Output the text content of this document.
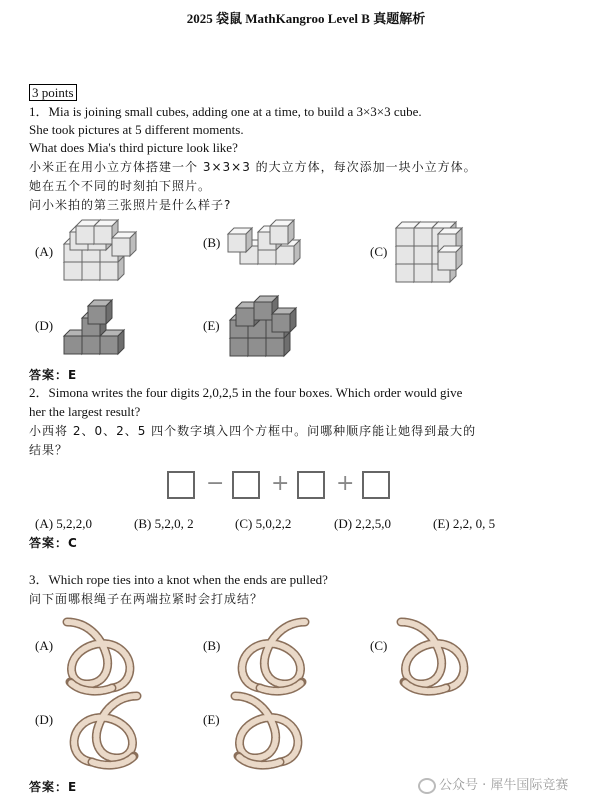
2025 袋鼠 MathKangroo Level B 真题解析
3 points
1．Mia is joining small cubes, adding one at a time, to build a 3×3×3 cube.
She took pictures at 5 different moments.
What does Mia's third picture look like?
小米正在用小立方体搭建一个 3×3×3 的大立方体，每次添加一块小立方体。
她在五个不同的时刻拍下照片。
问小米拍的第三张照片是什么样子?
(A)
(B)
(C)
(D)	(E)
答案：E
2．Simona writes the four digits 2,0,2,5 in the four boxes. Which order would give
her the largest result?
小西将 2、0、2、5 四个数字填入四个方框中。问哪种顺序能让她得到最大的
结果？
− + +
(A) 5,2,2,0	(B) 5,2,0, 2	(C) 5,0,2,2	(D) 2,2,5,0	(E) 2,2, 0, 5
答案：C
3．Which rope ties into a knot when the ends are pulled?
问下面哪根绳子在两端拉紧时会打成结？
(A)	(B)	(C)
(D)	(E)
答案：E	公众号 · 犀牛国际竞赛
